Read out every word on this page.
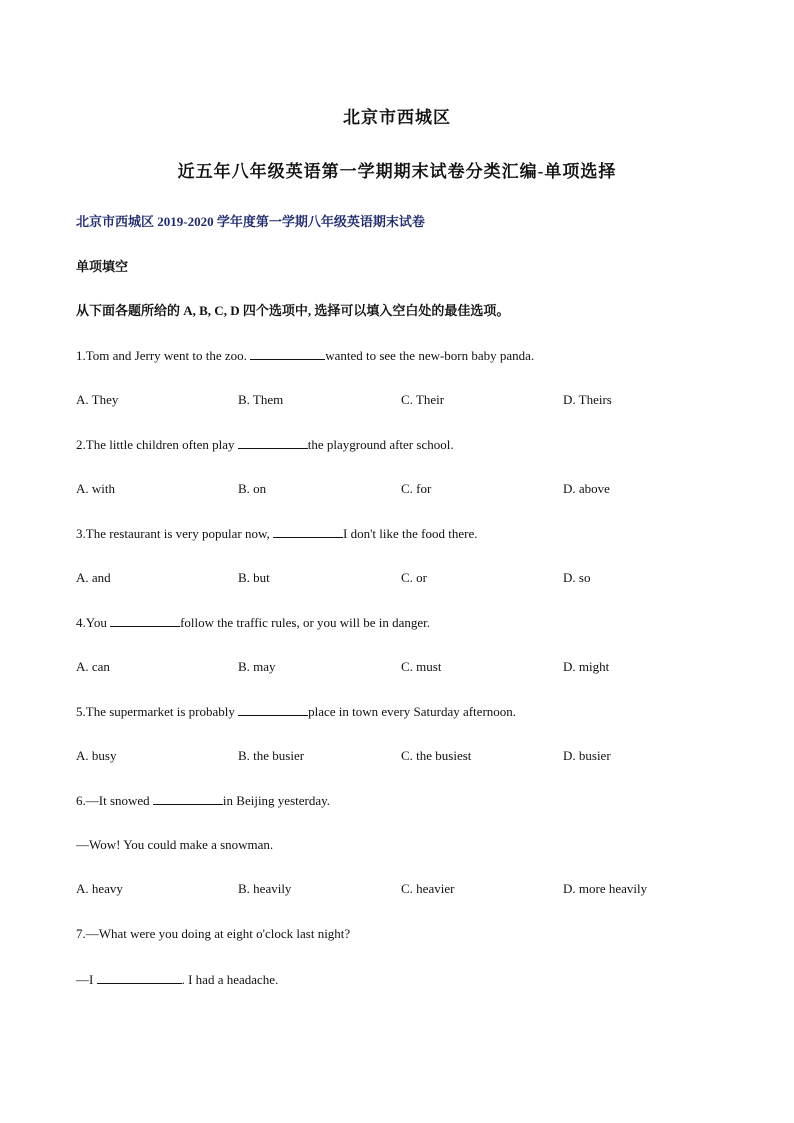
北京市西城区
近五年八年级英语第一学期期末试卷分类汇编-单项选择
北京市西城区 2019-2020 学年度第一学期八年级英语期末试卷
单项填空
从下面各题所给的 A, B, C, D 四个选项中, 选择可以填入空白处的最佳选项。
1.Tom and Jerry went to the zoo.	wanted to see the new-born baby panda.
A. They	B. Them	C. Their	D. Theirs
2.The little children often play	the playground after school.
A. with	B. on	C. for	D. above
3.The restaurant is very popular now,	I don't like the food there.
A. and	B. but	C. or	D. so
4.You	follow the traffic rules, or you will be in danger.
A. can	B. may	C. must	D. might
5.The supermarket is probably	place in town every Saturday afternoon.
A. busy	B. the busier	C. the busiest	D. busier
6.—It snowed	in Beijing yesterday.
—Wow! You could make a snowman.
A. heavy	B. heavily	C. heavier	D. more heavily
7.—What were you doing at eight o'clock last night?
—I	. I had a headache.
